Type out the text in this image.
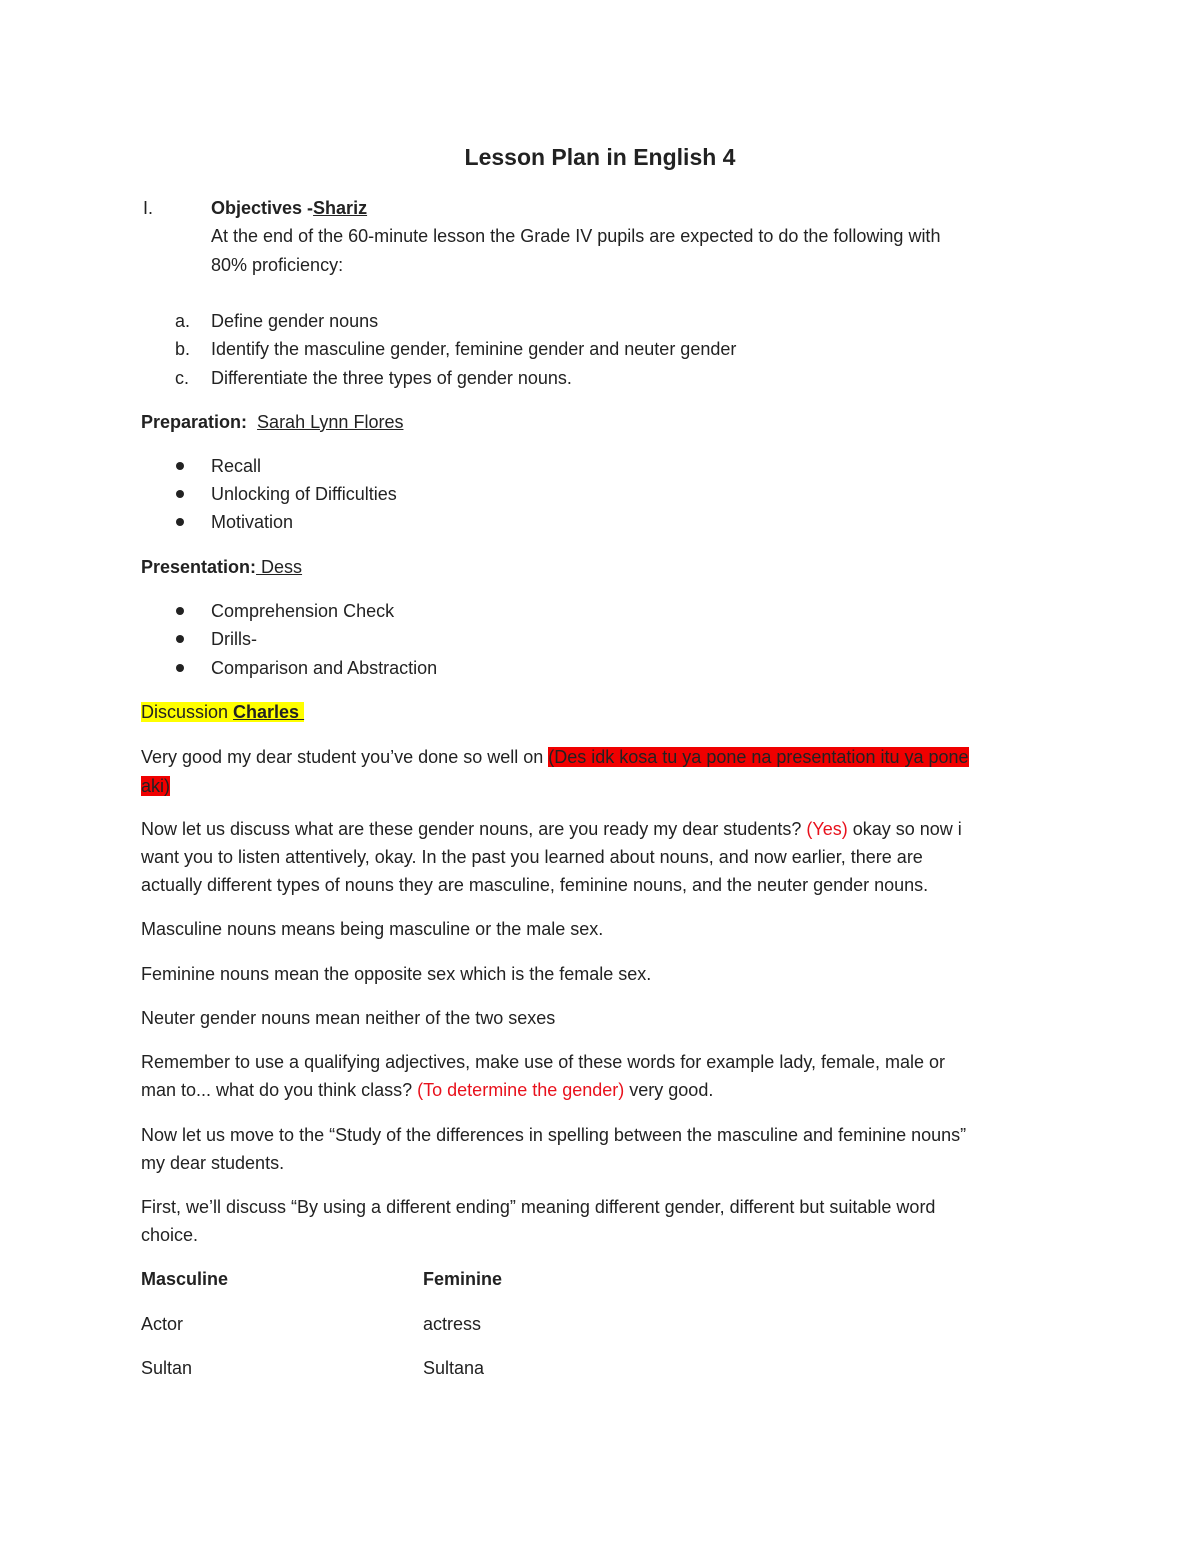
Lesson Plan in English 4
I.	Objectives -Shariz
At the end of the 60-minute lesson the Grade IV pupils are expected to do the following with
80% proficiency:
a. Define gender nouns
b. Identify the masculine gender, feminine gender and neuter gender
c. Differentiate the three types of gender nouns.
Preparation: Sarah Lynn Flores
Recall
Unlocking of Difficulties
Motivation
Presentation: Dess
Comprehension Check
Drills-
Comparison and Abstraction
Discussion Charles
Very good my dear student you’ve done so well on (Des idk kosa tu ya pone na presentation itu ya pone
aki)
Now let us discuss what are these gender nouns, are you ready my dear students? (Yes) okay so now i
want you to listen attentively, okay. In the past you learned about nouns, and now earlier, there are
actually different types of nouns they are masculine, feminine nouns, and the neuter gender nouns.
Masculine nouns means being masculine or the male sex.
Feminine nouns mean the opposite sex which is the female sex.
Neuter gender nouns mean neither of the two sexes
Remember to use a qualifying adjectives, make use of these words for example lady, female, male or
man to... what do you think class? (To determine the gender) very good.
Now let us move to the “Study of the differences in spelling between the masculine and feminine nouns”
my dear students.
First, we’ll discuss “By using a different ending” meaning different gender, different but suitable word
choice.
Masculine	Feminine
Actor	actress
Sultan	Sultana
